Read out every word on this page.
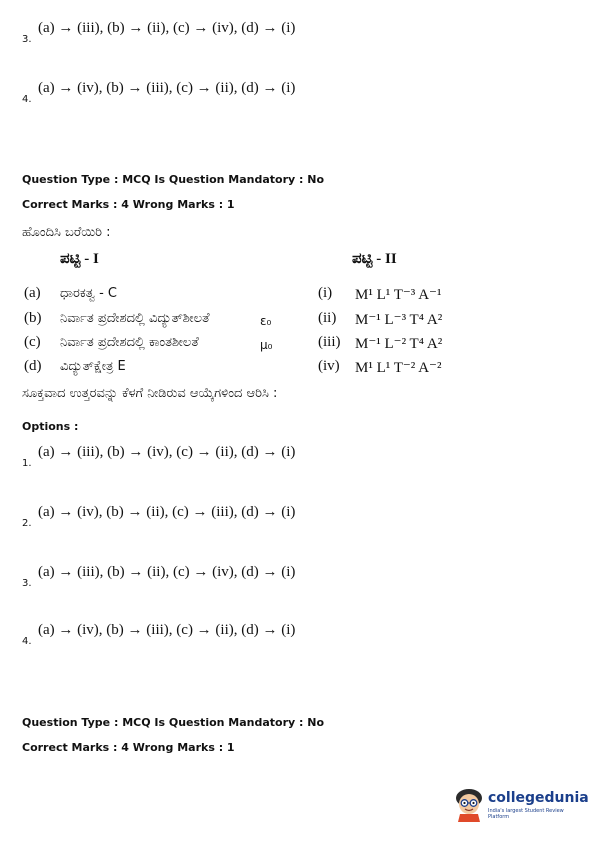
(a) → (iii), (b) → (ii), (c) → (iv), (d) → (i)
3.
(a) → (iv), (b) → (iii), (c) → (ii), (d) → (i)
4.
Question Type : MCQ Is Question Mandatory : No
Correct Marks : 4 Wrong Marks : 1
ಹೊಂದಿಸಿ ಬರೆಯಿರಿ :
ಪಟ್ಟಿ - I	ಪಟ್ಟಿ - II
(a) ಧಾರಕತ್ವ - C	(i) M¹ L¹ T⁻³ A⁻¹
(b) ನಿರ್ವಾತ ಪ್ರದೇಶದಲ್ಲಿ ವಿದ್ಯುತ್‌ಶೀಲತೆ	ε₀	(ii) M⁻¹ L⁻³ T⁴ A²
(c) ನಿರ್ವಾತ ಪ್ರದೇಶದಲ್ಲಿ ಕಾಂತಶೀಲತೆ	μ₀	(iii) M⁻¹ L⁻² T⁴ A²
(d) ವಿದ್ಯುತ್‌ಕ್ಷೇತ್ರ E	(iv) M¹ L¹ T⁻² A⁻²
ಸೂಕ್ತವಾದ ಉತ್ತರವನ್ನು ಕೆಳಗೆ ನೀಡಿರುವ ಆಯ್ಕೆಗಳಿಂದ ಆರಿಸಿ :
Options :
(a) → (iii), (b) → (iv), (c) → (ii), (d) → (i)
1.
(a) → (iv), (b) → (ii), (c) → (iii), (d) → (i)
2.
(a) → (iii), (b) → (ii), (c) → (iv), (d) → (i)
3.
(a) → (iv), (b) → (iii), (c) → (ii), (d) → (i)
4.
Question Type : MCQ Is Question Mandatory : No
Correct Marks : 4 Wrong Marks : 1
collegedunia
India's largest Student Review Platform
